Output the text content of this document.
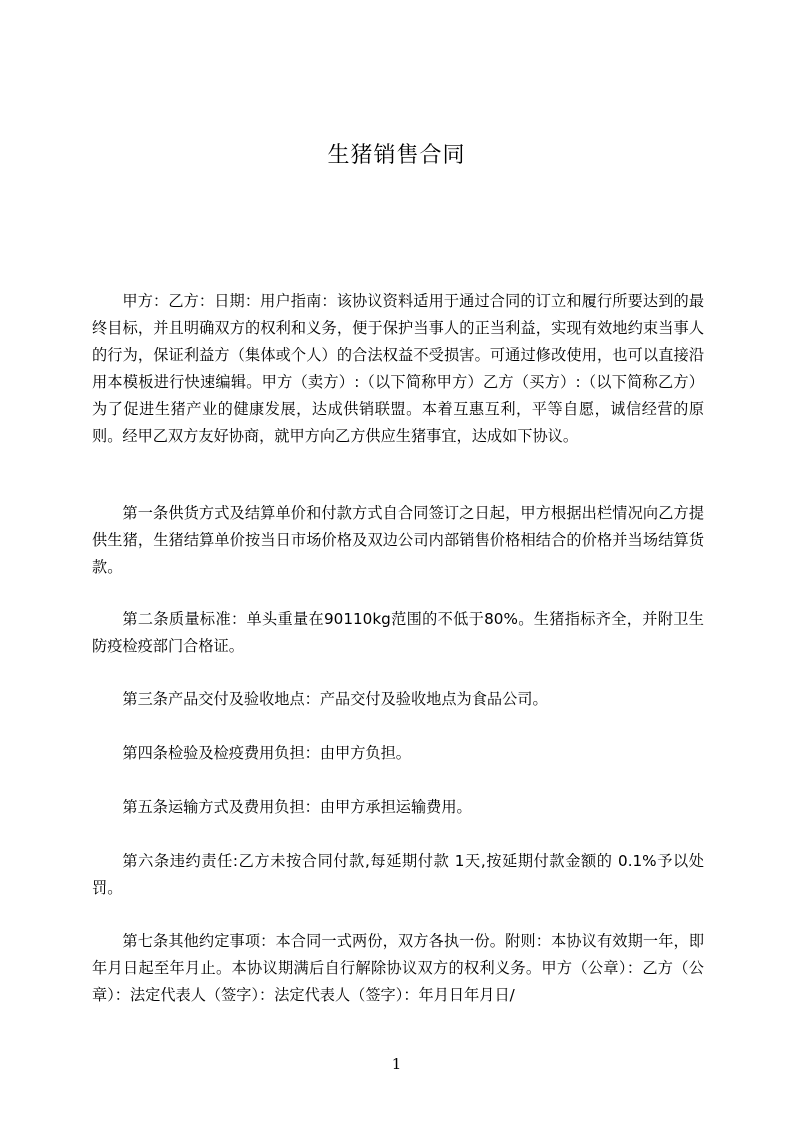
生猪销售合同

甲方：乙方：日期：用户指南：该协议资料适用于通过合同的订立和履行所要达到的最终目标，并且明确双方的权利和义务，便于保护当事人的正当利益，实现有效地约束当事人的行为，保证利益方（集体或个人）的合法权益不受损害。可通过修改使用，也可以直接沿用本模板进行快速编辑。甲方（卖方）:（以下简称甲方）乙方（买方）:（以下简称乙方）为了促进生猪产业的健康发展，达成供销联盟。本着互惠互利，平等自愿，诚信经营的原则。经甲乙双方友好协商，就甲方向乙方供应生猪事宜，达成如下协议。

第一条供货方式及结算单价和付款方式自合同签订之日起，甲方根据出栏情况向乙方提供生猪，生猪结算单价按当日市场价格及双边公司内部销售价格相结合的价格并当场结算货款。

第二条质量标准：单头重量在90110kg范围的不低于80%。生猪指标齐全，并附卫生防疫检疫部门合格证。

第三条产品交付及验收地点：产品交付及验收地点为食品公司。

第四条检验及检疫费用负担：由甲方负担。

第五条运输方式及费用负担：由甲方承担运输费用。

第六条违约责任:乙方未按合同付款,每延期付款 1天,按延期付款金额的 0.1%予以处罚。

第七条其他约定事项：本合同一式两份，双方各执一份。附则：本协议有效期一年，即年月日起至年月止。本协议期满后自行解除协议双方的权利义务。甲方（公章）：乙方（公章）：法定代表人（签字）：法定代表人（签字）：年月日年月日/

1
